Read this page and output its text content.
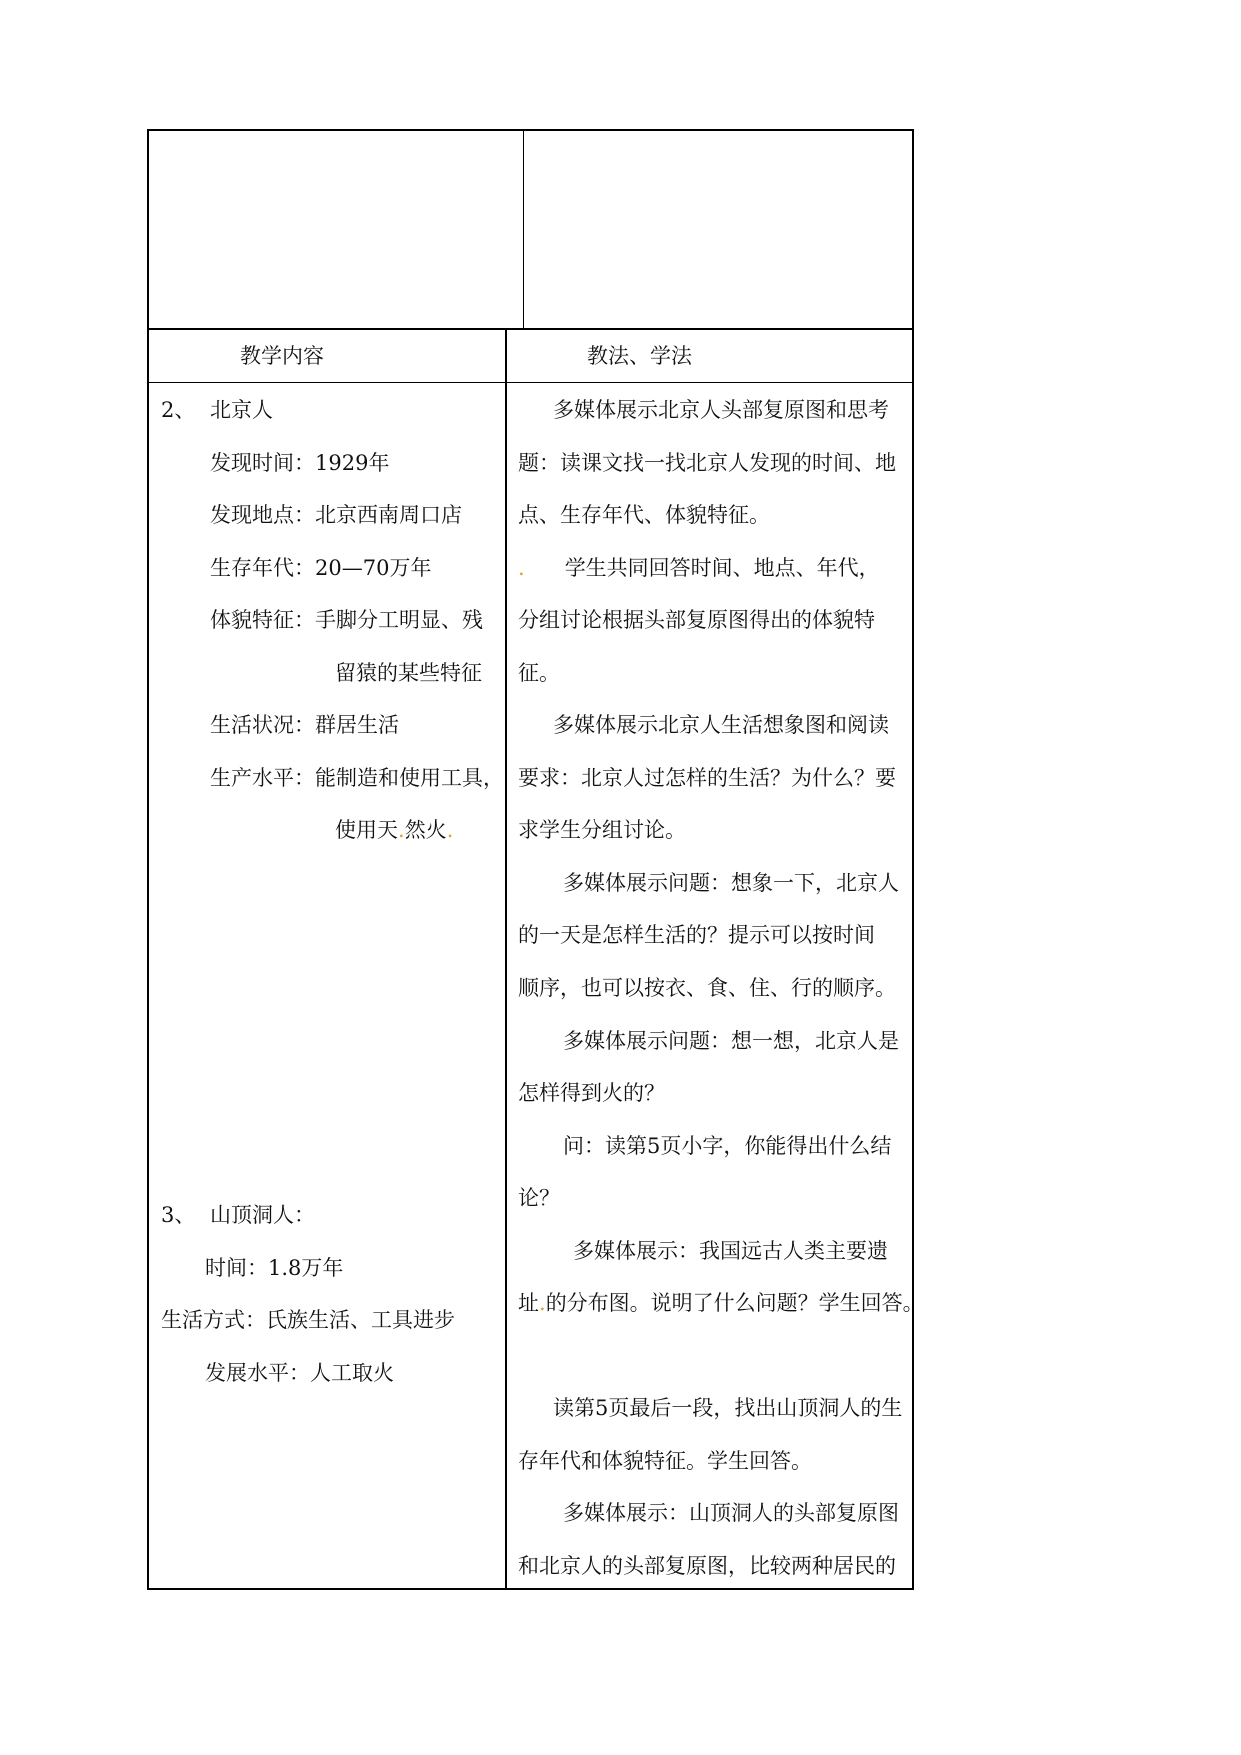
教学内容	教法、学法
2、 北京人
发现时间：1929年
发现地点：北京西南周口店
生存年代：20—70万年
体貌特征：手脚分工明显、残
留猿的某些特征
生活状况：群居生活
生产水平：能制造和使用工具，
使用天.然火.
3、 山顶洞人：
时间：1.8万年
生活方式：氏族生活、工具进步
发展水平：人工取火
多媒体展示北京人头部复原图和思考
题：读课文找一找北京人发现的时间、地
点、生存年代、体貌特征。
. 学生共同回答时间、地点、年代，
分组讨论根据头部复原图得出的体貌特
征。
多媒体展示北京人生活想象图和阅读
要求：北京人过怎样的生活？为什么？要
求学生分组讨论。
多媒体展示问题：想象一下，北京人
的一天是怎样生活的？提示可以按时间
顺序，也可以按衣、食、住、行的顺序。
多媒体展示问题：想一想，北京人是
怎样得到火的？
问：读第5页小字，你能得出什么结
论？
多媒体展示：我国远古人类主要遗
址.的分布图。说明了什么问题？学生回答。
读第5页最后一段，找出山顶洞人的生
存年代和体貌特征。学生回答。
多媒体展示：山顶洞人的头部复原图
和北京人的头部复原图，比较两种居民的
